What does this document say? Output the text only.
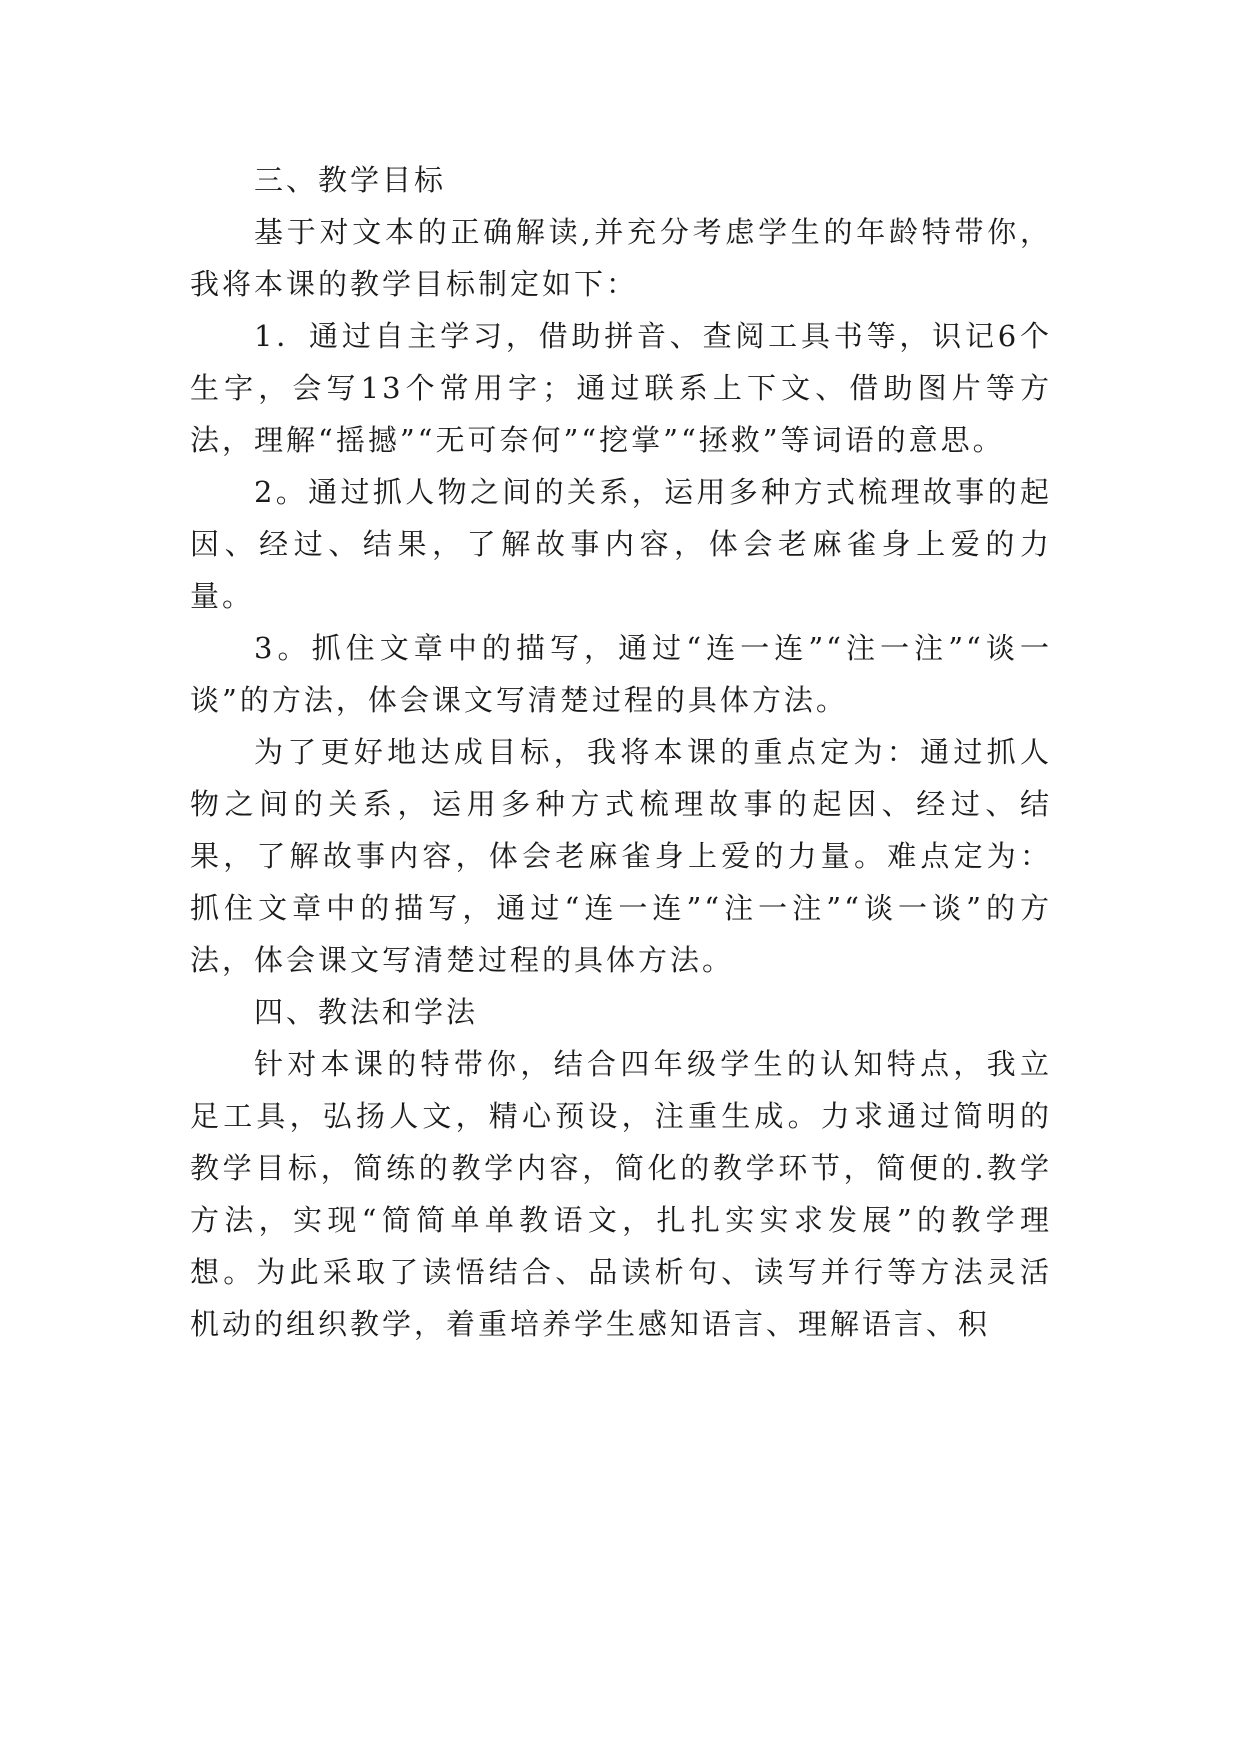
三、教学目标

基于对文本的正确解读,并充分考虑学生的年龄特带你，我将本课的教学目标制定如下：

1．通过自主学习，借助拼音、查阅工具书等，识记6个生字，会写13个常用字；通过联系上下文、借助图片等方法，理解“摇撼”“无可奈何”“挖掌”“拯救”等词语的意思。

2。通过抓人物之间的关系，运用多种方式梳理故事的起因、经过、结果，了解故事内容，体会老麻雀身上爱的力量。

3。抓住文章中的描写，通过“连一连”“注一注”“谈一谈”的方法，体会课文写清楚过程的具体方法。

为了更好地达成目标，我将本课的重点定为：通过抓人物之间的关系，运用多种方式梳理故事的起因、经过、结果，了解故事内容，体会老麻雀身上爱的力量。难点定为：抓住文章中的描写，通过“连一连”“注一注”“谈一谈”的方法，体会课文写清楚过程的具体方法。

四、教法和学法

针对本课的特带你，结合四年级学生的认知特点，我立足工具，弘扬人文，精心预设，注重生成。力求通过简明的教学目标，简练的教学内容，简化的教学环节，简便的.教学方法，实现“简简单单教语文，扎扎实实求发展”的教学理想。为此采取了读悟结合、品读析句、读写并行等方法灵活机动的组织教学，着重培养学生感知语言、理解语言、积
